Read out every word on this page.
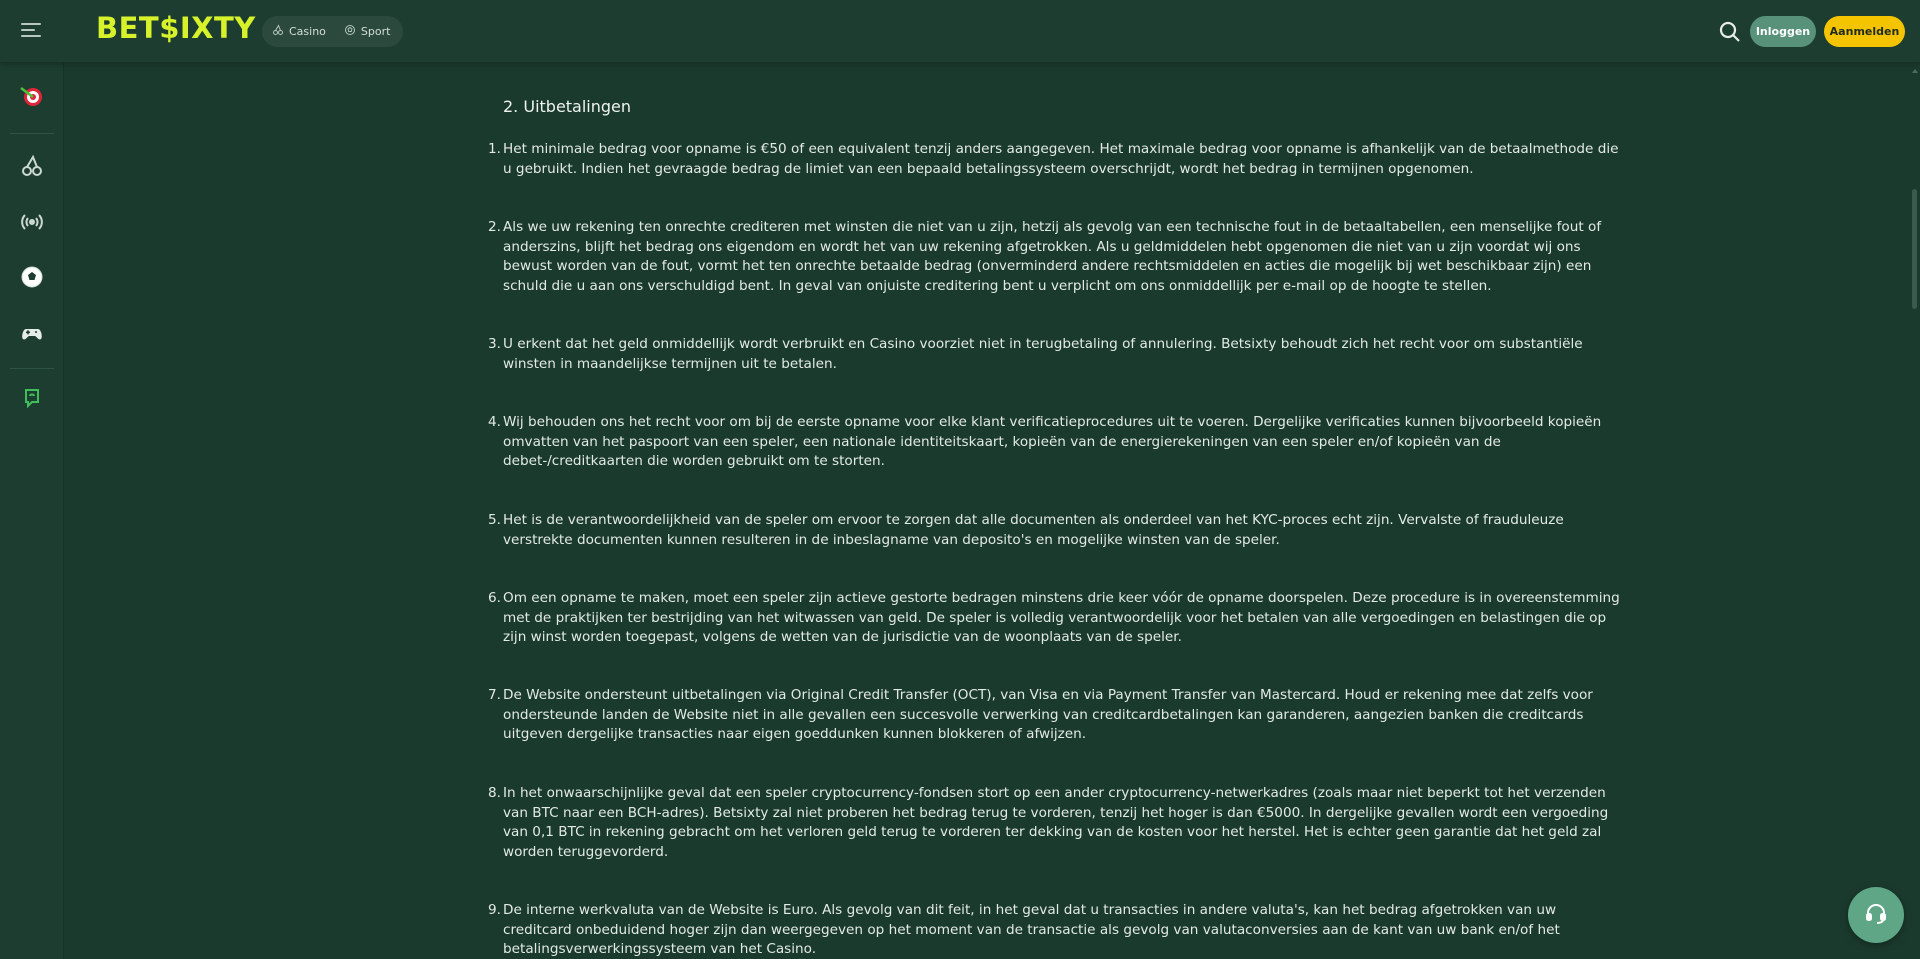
BET$IXTY	Casino	Sport	Inloggen	Aanmelden
2. Uitbetalingen
1. Het minimale bedrag voor opname is €50 of een equivalent tenzij anders aangegeven. Het maximale bedrag voor opname is afhankelijk van de betaalmethode die u gebruikt. Indien het gevraagde bedrag de limiet van een bepaald betalingssysteem overschrijdt, wordt het bedrag in termijnen opgenomen.
2. Als we uw rekening ten onrechte crediteren met winsten die niet van u zijn, hetzij als gevolg van een technische fout in de betaaltabellen, een menselijke fout of anderszins, blijft het bedrag ons eigendom en wordt het van uw rekening afgetrokken. Als u geldmiddelen hebt opgenomen die niet van u zijn voordat wij ons bewust worden van de fout, vormt het ten onrechte betaalde bedrag (onverminderd andere rechtsmiddelen en acties die mogelijk bij wet beschikbaar zijn) een schuld die u aan ons verschuldigd bent. In geval van onjuiste creditering bent u verplicht om ons onmiddellijk per e-mail op de hoogte te stellen.
3. U erkent dat het geld onmiddellijk wordt verbruikt en Casino voorziet niet in terugbetaling of annulering. Betsixty behoudt zich het recht voor om substantiële winsten in maandelijkse termijnen uit te betalen.
4. Wij behouden ons het recht voor om bij de eerste opname voor elke klant verificatieprocedures uit te voeren. Dergelijke verificaties kunnen bijvoorbeeld kopieën omvatten van het paspoort van een speler, een nationale identiteitskaart, kopieën van de energierekeningen van een speler en/of kopieën van de debet-/creditkaarten die worden gebruikt om te storten.
5. Het is de verantwoordelijkheid van de speler om ervoor te zorgen dat alle documenten als onderdeel van het KYC-proces echt zijn. Vervalste of frauduleuze verstrekte documenten kunnen resulteren in de inbeslagname van deposito's en mogelijke winsten van de speler.
6. Om een opname te maken, moet een speler zijn actieve gestorte bedragen minstens drie keer vóór de opname doorspelen. Deze procedure is in overeenstemming met de praktijken ter bestrijding van het witwassen van geld. De speler is volledig verantwoordelijk voor het betalen van alle vergoedingen en belastingen die op zijn winst worden toegepast, volgens de wetten van de jurisdictie van de woonplaats van de speler.
7. De Website ondersteunt uitbetalingen via Original Credit Transfer (OCT), van Visa en via Payment Transfer van Mastercard. Houd er rekening mee dat zelfs voor ondersteunde landen de Website niet in alle gevallen een succesvolle verwerking van creditcardbetalingen kan garanderen, aangezien banken die creditcards uitgeven dergelijke transacties naar eigen goeddunken kunnen blokkeren of afwijzen.
8. In het onwaarschijnlijke geval dat een speler cryptocurrency-fondsen stort op een ander cryptocurrency-netwerkadres (zoals maar niet beperkt tot het verzenden van BTC naar een BCH-adres). Betsixty zal niet proberen het bedrag terug te vorderen, tenzij het hoger is dan €5000. In dergelijke gevallen wordt een vergoeding van 0,1 BTC in rekening gebracht om het verloren geld terug te vorderen ter dekking van de kosten voor het herstel. Het is echter geen garantie dat het geld zal worden teruggevorderd.
9. De interne werkvaluta van de Website is Euro. Als gevolg van dit feit, in het geval dat u transacties in andere valuta's, kan het bedrag afgetrokken van uw creditcard onbeduidend hoger zijn dan weergegeven op het moment van de transactie als gevolg van valutaconversies aan de kant van uw bank en/of het betalingsverwerkingssysteem van het Casino.
